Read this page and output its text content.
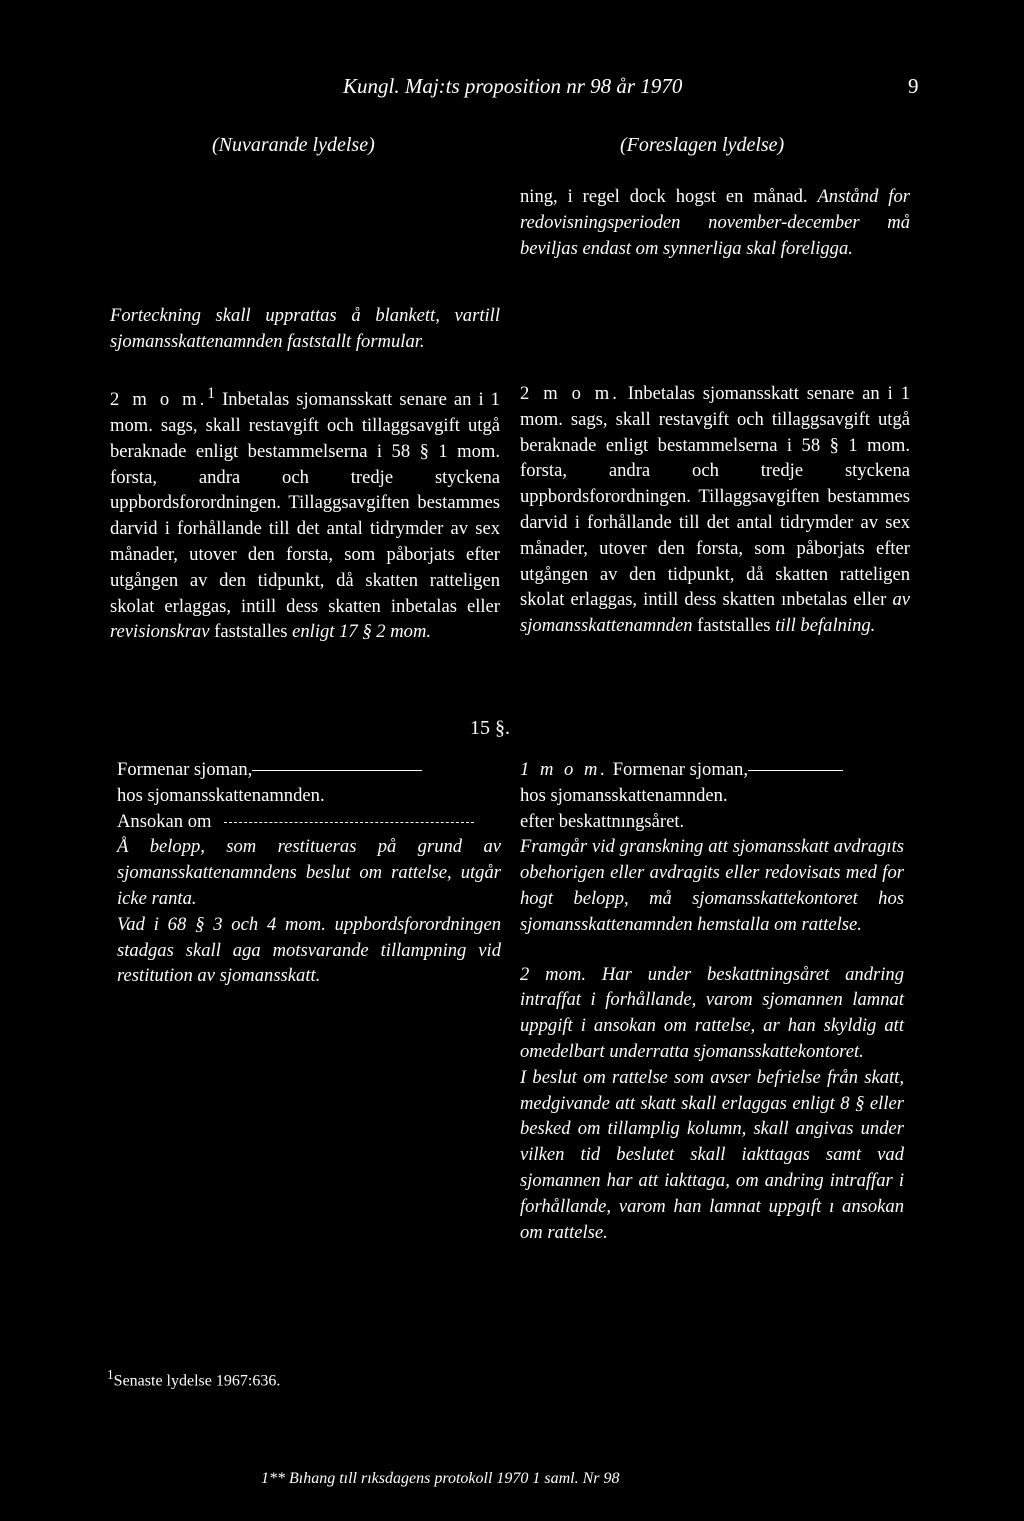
Kungl. Maj:ts proposition nr 98 år 1970	9
(Nuvarande lydelse)	(Foreslagen lydelse)
Forteckning skall upprattas å blankett, vartill sjomansskattenamnden faststallt formular.

2 m o m.$^1$ Inbetalas sjomansskatt senare an i 1 mom. sags, skall restavgift och tillaggsavgift utgå beraknade enligt bestammelserna i 58 § 1 mom. forsta, andra och tredje styckena uppbordsforordningen. Tillaggsavgiften bestammes darvid i forhållande till det antal tidrymder av sex månader, utover den forsta, som påborjats efter utgången av den tidpunkt, då skatten ratteligen skolat erlaggas, intill dess skatten inbetalas eller revisionskrav faststalles enligt 17 § 2 mom.

ning, i regel dock hogst en månad. Anstånd for redovisningsperioden november-december må beviljas endast om synnerliga skal foreligga.

2 m o m. Inbetalas sjomansskatt senare an i 1 mom. sags, skall restavgift och tillaggsavgift utgå beraknade enligt bestammelserna i 58 § 1 mom. forsta, andra och tredje styckena uppbordsforordningen. Tillaggsavgiften bestammes darvid i forhållande till det antal tidrymder av sex månader, utover den forsta, som påborjats efter utgången av den tidpunkt, då skatten ratteligen skolat erlaggas, intill dess skatten ınbetalas eller av sjomansskattenamnden faststalles till befalning.

15 §.

Formenar sjoman,

hos sjomansskattenamnden.

Ansokan om

Å belopp, som restitueras på grund av sjomansskattenamndens beslut om rattelse, utgår icke ranta.

Vad i 68 § 3 och 4 mom. uppbordsforordningen stadgas skall aga motsvarande tillampning vid restitution av sjomansskatt.

1 m o m. Formenar sjoman,

hos sjomansskattenamnden.

efter beskattnıngsåret.

Framgår vid granskning att sjomansskatt avdragıts obehorigen eller avdragits eller redovisats med for hogt belopp, må sjomansskattekontoret hos sjomansskattenamnden hemstalla om rattelse.

2 mom. Har under beskattningsåret andring intraffat i forhållande, varom sjomannen lamnat uppgift i ansokan om rattelse, ar han skyldig att omedelbart underratta sjomansskattekontoret.

I beslut om rattelse som avser befrielse från skatt, medgivande att skatt skall erlaggas enligt 8 § eller besked om tillamplig kolumn, skall angivas under vilken tid beslutet skall iakttagas samt vad sjomannen har att iakttaga, om andring intraffar i forhållande, varom han lamnat uppgıft ı ansokan om rattelse.

$^1$Senaste lydelse 1967:636.
1** Bıhang tıll rıksdagens protokoll 1970 1 saml. Nr 98
